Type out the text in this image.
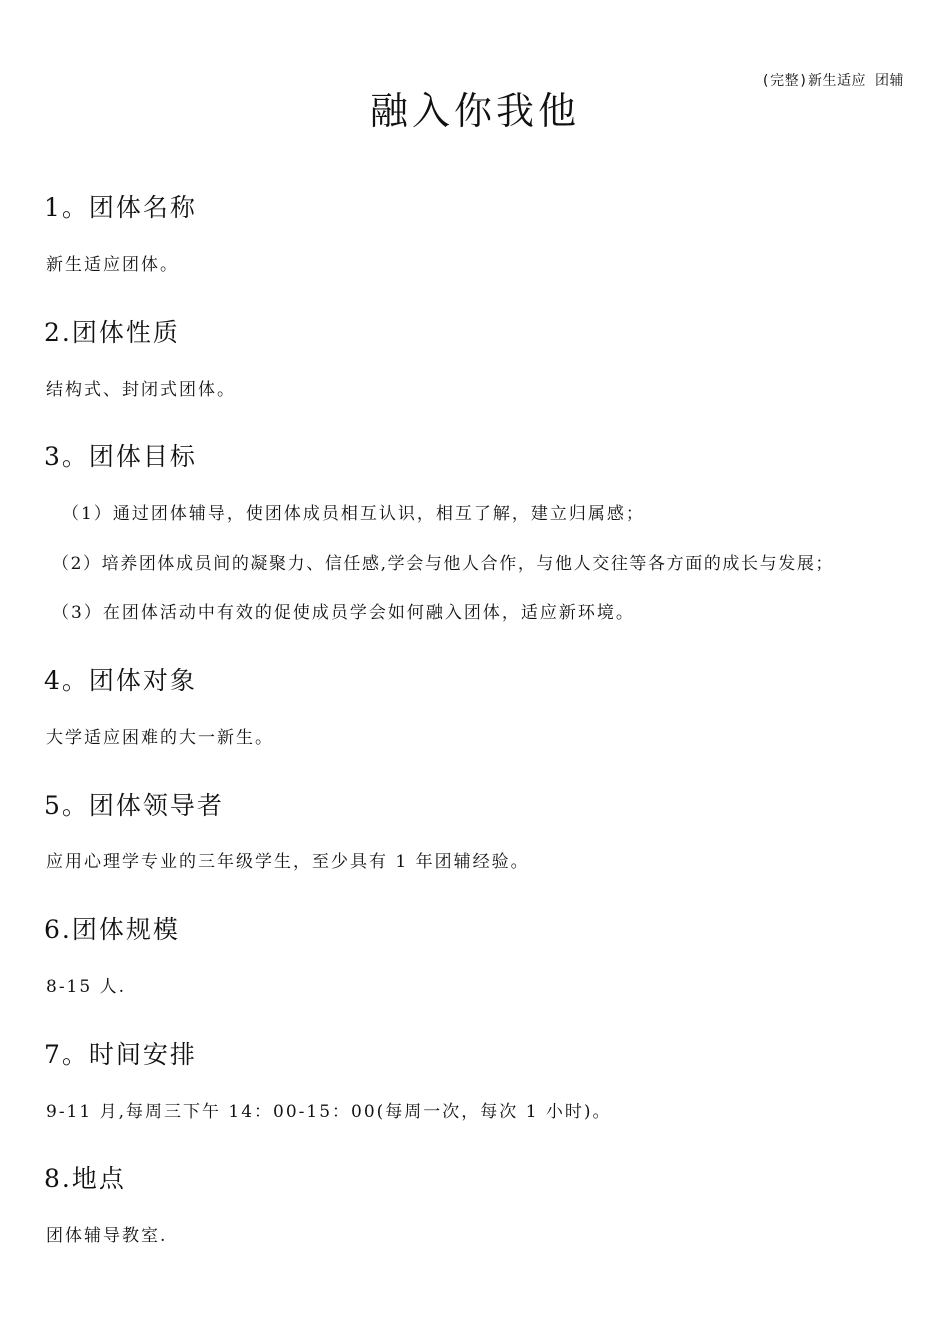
(完整)新生适应 团辅
融入你我他
1。团体名称

新生适应团体。

2.团体性质

结构式、封闭式团体。

3。团体目标

（1）通过团体辅导，使团体成员相互认识，相互了解，建立归属感；

（2）培养团体成员间的凝聚力、信任感,学会与他人合作，与他人交往等各方面的成长与发展；

（3）在团体活动中有效的促使成员学会如何融入团体，适应新环境。

4。团体对象

大学适应困难的大一新生。

5。团体领导者

应用心理学专业的三年级学生，至少具有 1 年团辅经验。

6.团体规模

8-15 人.

7。时间安排

9-11 月,每周三下午 14：00-15：00(每周一次，每次 1 小时)。

8.地点

团体辅导教室.
